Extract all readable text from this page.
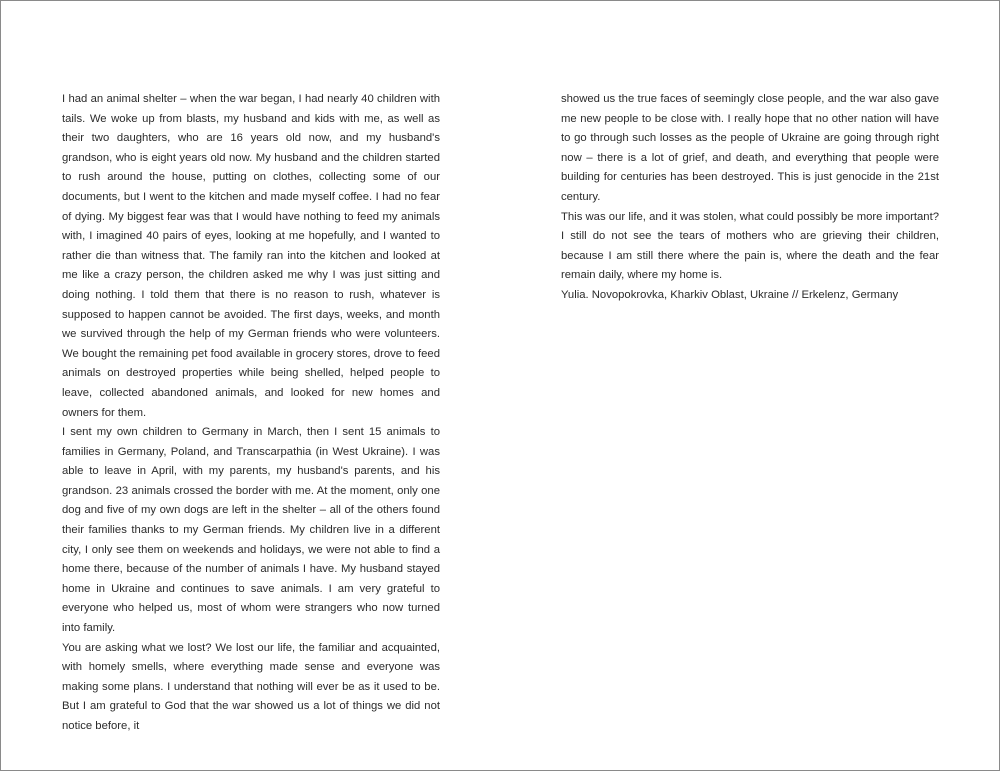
I had an animal shelter – when the war began, I had nearly 40 children with tails. We woke up from blasts, my husband and kids with me, as well as their two daughters, who are 16 years old now, and my husband's grandson, who is eight years old now. My husband and the children started to rush around the house, putting on clothes, collecting some of our documents, but I went to the kitchen and made myself coffee. I had no fear of dying. My biggest fear was that I would have nothing to feed my animals with, I imagined 40 pairs of eyes, looking at me hopefully, and I wanted to rather die than witness that. The family ran into the kitchen and looked at me like a crazy person, the children asked me why I was just sitting and doing nothing. I told them that there is no reason to rush, whatever is supposed to happen cannot be avoided. The first days, weeks, and month we survived through the help of my German friends who were volunteers. We bought the remaining pet food available in grocery stores, drove to feed animals on destroyed properties while being shelled, helped people to leave, collected abandoned animals, and looked for new homes and owners for them.

I sent my own children to Germany in March, then I sent 15 animals to families in Germany, Poland, and Transcarpathia (in West Ukraine). I was able to leave in April, with my parents, my husband's parents, and his grandson. 23 animals crossed the border with me. At the moment, only one dog and five of my own dogs are left in the shelter – all of the others found their families thanks to my German friends. My children live in a different city, I only see them on weekends and holidays, we were not able to find a home there, because of the number of animals I have. My husband stayed home in Ukraine and continues to save animals. I am very grateful to everyone who helped us, most of whom were strangers who now turned into family.

You are asking what we lost? We lost our life, the familiar and acquainted, with homely smells, where everything made sense and everyone was making some plans. I understand that nothing will ever be as it used to be. But I am grateful to God that the war showed us a lot of things we did not notice before, it

showed us the true faces of seemingly close people, and the war also gave me new people to be close with. I really hope that no other nation will have to go through such losses as the people of Ukraine are going through right now – there is a lot of grief, and death, and everything that people were building for centuries has been destroyed. This is just genocide in the 21st century.

This was our life, and it was stolen, what could possibly be more important? I still do not see the tears of mothers who are grieving their children, because I am still there where the pain is, where the death and the fear remain daily, where my home is.

Yulia. Novopokrovka, Kharkiv Oblast, Ukraine // Erkelenz, Germany
